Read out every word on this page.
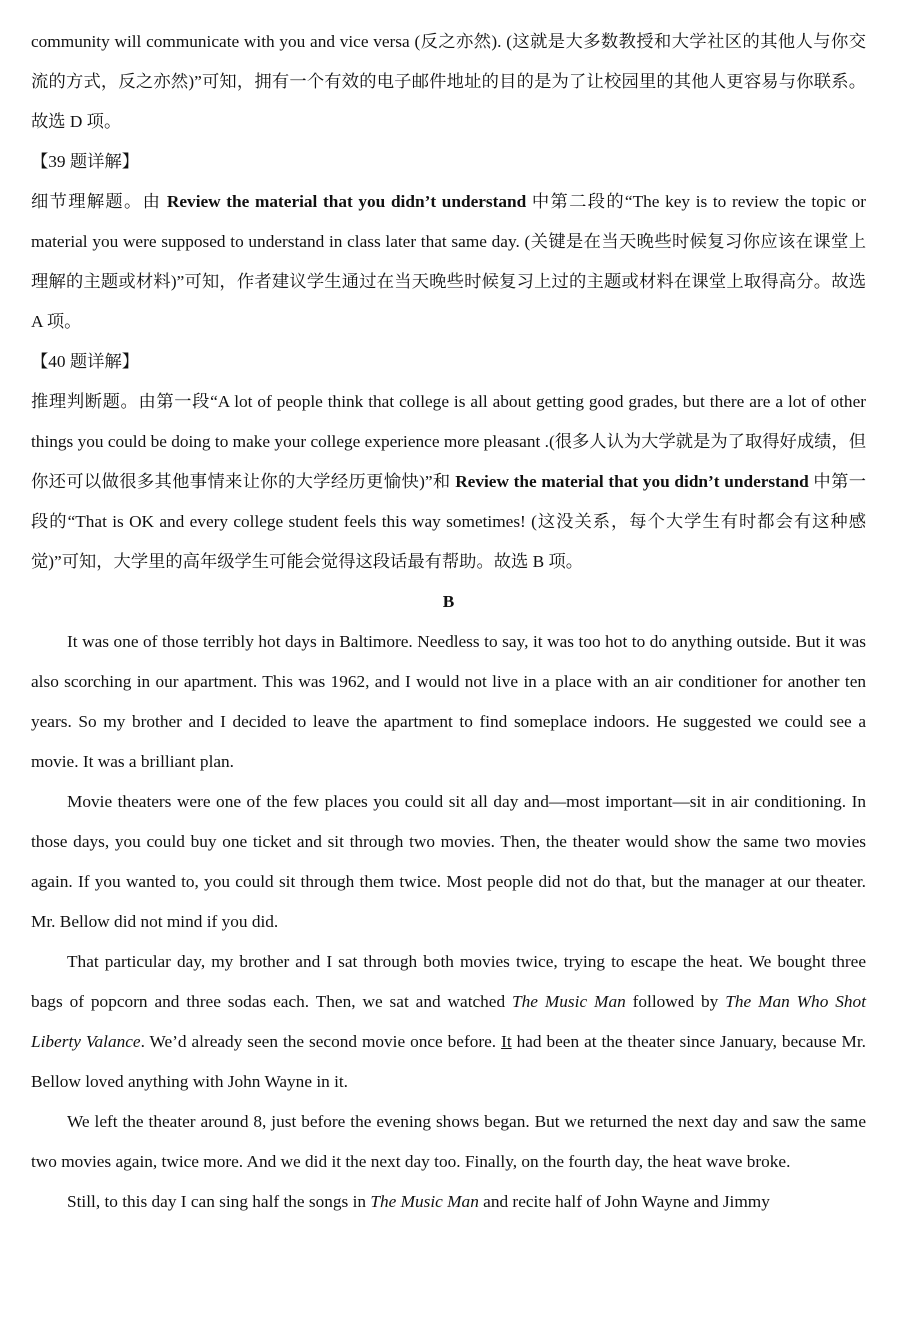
community will communicate with you and vice versa (反之亦然). (这就是大多数教授和大学社区的其他人与你交流的方式，反之亦然)”可知，拥有一个有效的电子邮件地址的目的是为了让校园里的其他人更容易与你联系。故选 D 项。

【39 题详解】

细节理解题。由 Review the material that you didn’t understand 中第二段的“The key is to review the topic or material you were supposed to understand in class later that same day. (关键是在当天晚些时候复习你应该在课堂上理解的主题或材料)”可知，作者建议学生通过在当天晚些时候复习上过的主题或材料在课堂上取得高分。故选 A 项。

【40 题详解】

推理判断题。由第一段“A lot of people think that college is all about getting good grades, but there are a lot of other things you could be doing to make your college experience more pleasant .(很多人认为大学就是为了取得好成绩，但你还可以做很多其他事情来让你的大学经历更愉快)”和 Review the material that you didn’t understand 中第一段的“That is OK and every college student feels this way sometimes! (这没关系，每个大学生有时都会有这种感觉)”可知，大学里的高年级学生可能会觉得这段话最有帮助。故选 B 项。

B

It was one of those terribly hot days in Baltimore. Needless to say, it was too hot to do anything outside. But it was also scorching in our apartment. This was 1962, and I would not live in a place with an air conditioner for another ten years. So my brother and I decided to leave the apartment to find someplace indoors. He suggested we could see a movie. It was a brilliant plan.

Movie theaters were one of the few places you could sit all day and—most important—sit in air conditioning. In those days, you could buy one ticket and sit through two movies. Then, the theater would show the same two movies again. If you wanted to, you could sit through them twice. Most people did not do that, but the manager at our theater. Mr. Bellow did not mind if you did.

That particular day, my brother and I sat through both movies twice, trying to escape the heat. We bought three bags of popcorn and three sodas each. Then, we sat and watched The Music Man followed by The Man Who Shot Liberty Valance. We’d already seen the second movie once before. It had been at the theater since January, because Mr. Bellow loved anything with John Wayne in it.

We left the theater around 8, just before the evening shows began. But we returned the next day and saw the same two movies again, twice more. And we did it the next day too. Finally, on the fourth day, the heat wave broke.

Still, to this day I can sing half the songs in The Music Man and recite half of John Wayne and Jimmy
